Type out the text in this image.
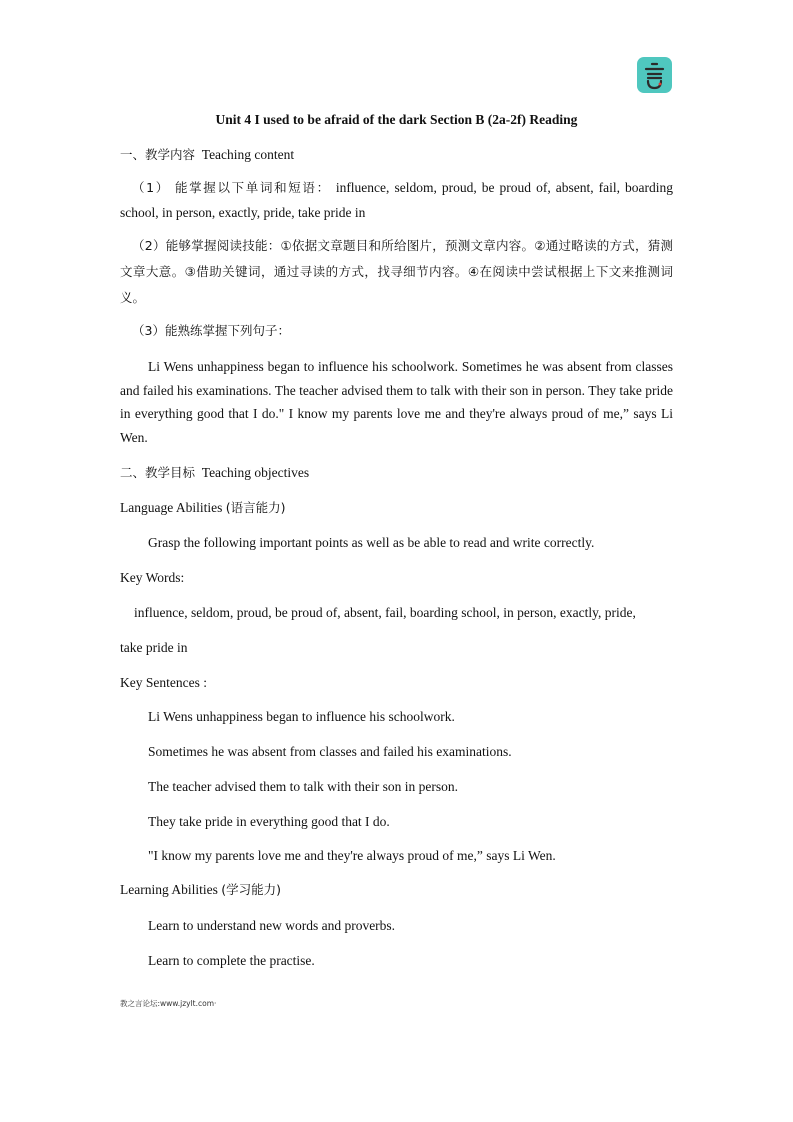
Unit 4 I used to be afraid of the dark Section B (2a-2f) Reading
一、教学内容 Teaching content
（1） 能掌握以下单词和短语： influence, seldom, proud, be proud of, absent, fail, boarding school, in person, exactly, pride, take pride in
（2）能够掌握阅读技能：①依据文章题目和所给图片，预测文章内容。②通过略读的方式，猜测文章大意。③借助关键词，通过寻读的方式，找寻细节内容。④在阅读中尝试根据上下文来推测词义。
（3）能熟练掌握下列句子：
Li Wens unhappiness began to influence his schoolwork. Sometimes he was absent from classes and failed his examinations. The teacher advised them to talk with their son in person. They take pride in everything good that I do." I know my parents love me and they're always proud of me,” says Li Wen.
二、教学目标 Teaching objectives
Language Abilities (语言能力)
Grasp the following important points as well as be able to read and write correctly.
Key Words:
influence, seldom, proud, be proud of, absent, fail, boarding school, in person, exactly, pride,
take pride in
Key Sentences :
Li Wens unhappiness began to influence his schoolwork.
Sometimes he was absent from classes and failed his examinations.
The teacher advised them to talk with their son in person.
They take pride in everything good that I do.
"I know my parents love me and they're always proud of me,” says Li Wen.
Learning Abilities (学习能力)
Learn to understand new words and proverbs.
Learn to complete the practise.
教之言论坛:www.jzylt.com·
